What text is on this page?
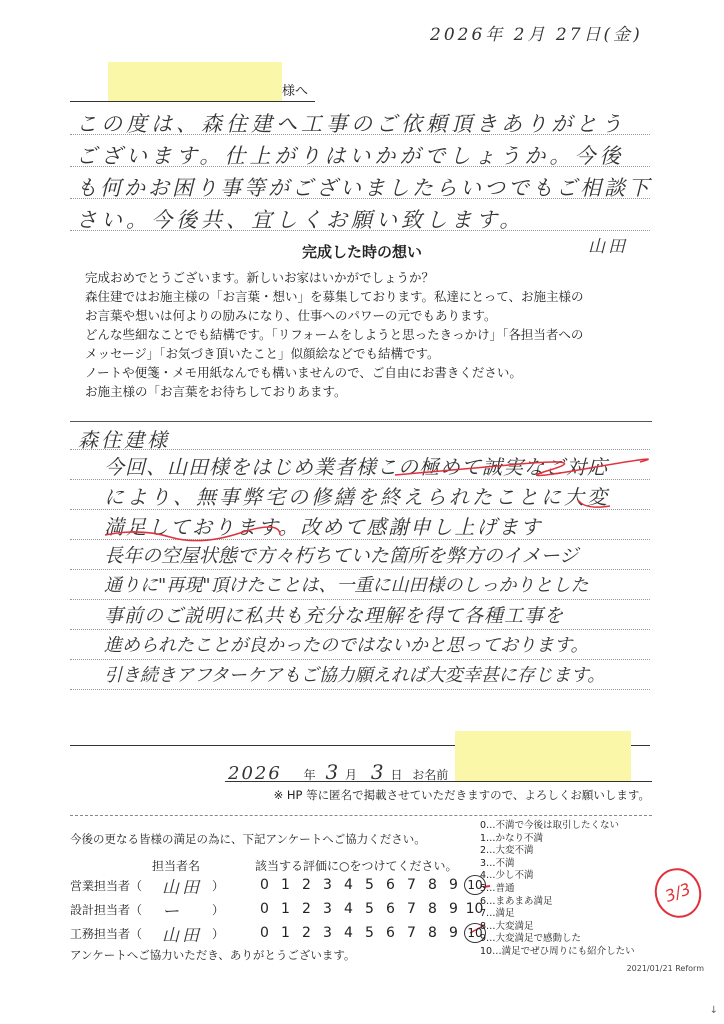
2026年 2月 27日(金)
様へ
この度は、森住建へ工事のご依頼頂きありがとう
ございます。仕上がりはいかがでしょうか。今後
も何かお困り事等がございましたらいつでもご相談下
さい。今後共、宜しくお願い致します。
山田
完成した時の想い
完成おめでとうございます。新しいお家はいかがでしょうか？
森住建ではお施主様の「お言葉・想い」を募集しております。私達にとって、お施主様の
お言葉や想いは何よりの励みになり、仕事へのパワーの元でもあります。
どんな些細なことでも結構です。「リフォームをしようと思ったきっかけ」「各担当者への
メッセージ」「お気づき頂いたこと」似顔絵などでも結構です。
ノートや便箋・メモ用紙なんでも構いませんので、ご自由にお書きください。
お施主様の「お言葉をお待ちしておりあます。
森住建様
今回、山田様をはじめ業者様この極めて誠実なご対応
により、無事弊宅の修繕を終えられたことに大変
満足しております。改めて感謝申し上げます
長年の空屋状態で方々朽ちていた箇所を弊方のイメージ
通りに"再現"頂けたことは、一重に山田様のしっかりとした
事前のご説明に私共も充分な理解を得て各種工事を
進められたことが良かったのではないかと思っております。
引き続きアフターケアもご協力願えれば大変幸甚に存じます。
2026 年 3 月 3 日 お名前
※ HP 等に匿名で掲載させていただきますので、よろしくお願いします。
今後の更なる皆様の満足の為に、下記アンケートへご協力ください。
担当者名	該当する評価に○をつけてください。
営業担当者（	山田 ）	0 1 2 3 4 5 6 7 8 9 10
設計担当者（	ー	）	0 1 2 3 4 5 6 7 8 9 10
工務担当者（	山田 ）	0 1 2 3 4 5 6 7 8 9 10
アンケートへご協力いただき、ありがとうございます。
0…不満で今後は取引したくない
1…かなり不満
2…大変不満
3…不満
4…少し不満
5…普通
6…まあまあ満足
7…満足
8…大変満足
9…大変満足で感動した
10…満足でぜひ周りにも紹介したい
3/3
2021/01/21 Reform
↓
